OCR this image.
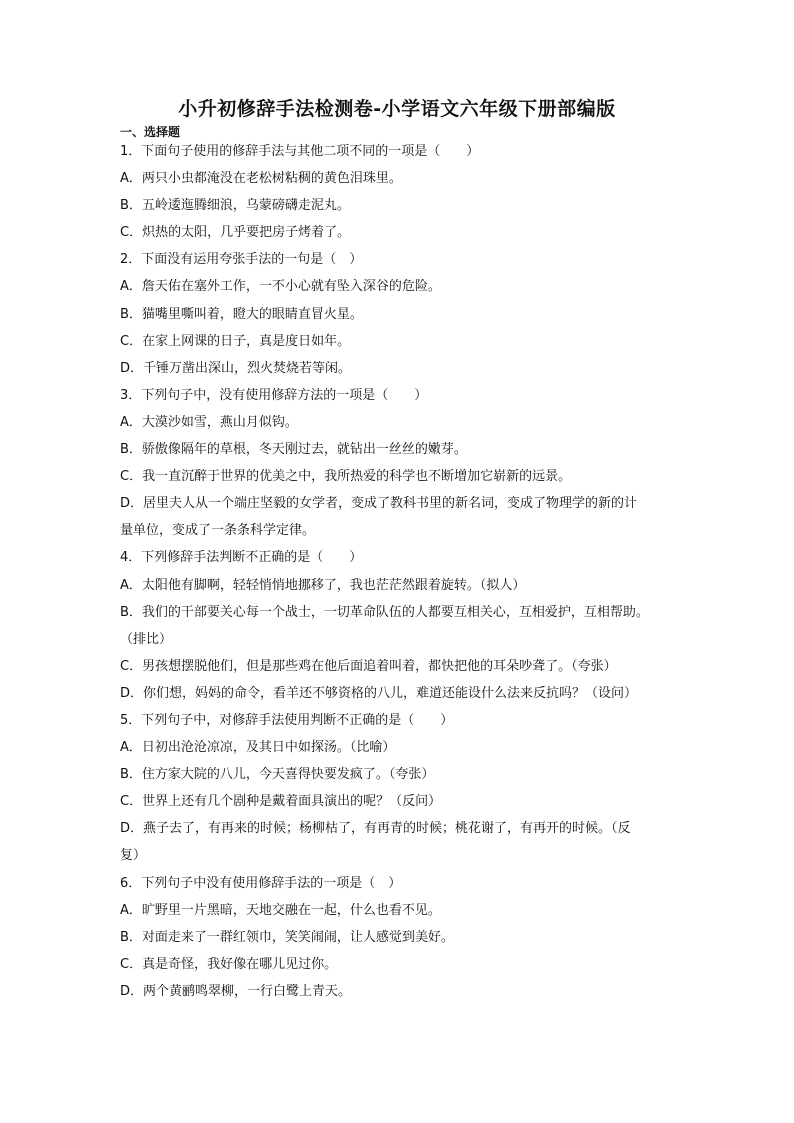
小升初修辞手法检测卷-小学语文六年级下册部编版
一、选择题
1．下面句子使用的修辞手法与其他二项不同的一项是（　　）
A．两只小虫都淹没在老松树粘稠的黄色泪珠里。
B．五岭逶迤腾细浪，乌蒙磅礴走泥丸。
C．炽热的太阳，几乎要把房子烤着了。
2．下面没有运用夸张手法的一句是（　）
A．詹天佑在塞外工作，一不小心就有坠入深谷的危险。
B．猫嘴里嘶叫着，瞪大的眼睛直冒火星。
C．在家上网课的日子，真是度日如年。
D．千锤万凿出深山，烈火焚烧若等闲。
3．下列句子中，没有使用修辞方法的一项是（　　）
A．大漠沙如雪，燕山月似钩。
B．骄傲像隔年的草根，冬天刚过去，就钻出一丝丝的嫩芽。
C．我一直沉醉于世界的优美之中，我所热爱的科学也不断增加它崭新的远景。
D．居里夫人从一个端庄坚毅的女学者，变成了教科书里的新名词，变成了物理学的新的计
量单位，变成了一条条科学定律。
4．下列修辞手法判断不正确的是（　　）
A．太阳他有脚啊，轻轻悄悄地挪移了，我也茫茫然跟着旋转。（拟人）
B．我们的干部要关心每一个战士，一切革命队伍的人都要互相关心，互相爱护，互相帮助。
（排比）
C．男孩想摆脱他们，但是那些鸡在他后面追着叫着，都快把他的耳朵吵聋了。（夸张）
D．你们想，妈妈的命令，看羊还不够资格的八儿，难道还能设什么法来反抗吗？（设问）
5．下列句子中，对修辞手法使用判断不正确的是（　　）
A．日初出沧沧凉凉，及其日中如探汤。（比喻）
B．住方家大院的八儿，今天喜得快要发疯了。（夸张）
C．世界上还有几个剧种是戴着面具演出的呢？（反问）
D．燕子去了，有再来的时候；杨柳枯了，有再青的时候；桃花谢了，有再开的时候。（反
复）
6．下列句子中没有使用修辞手法的一项是（　）
A．旷野里一片黑暗，天地交融在一起，什么也看不见。
B．对面走来了一群红领巾，笑笑闹闹，让人感觉到美好。
C．真是奇怪，我好像在哪儿见过你。
D．两个黄鹂鸣翠柳，一行白鹭上青天。
